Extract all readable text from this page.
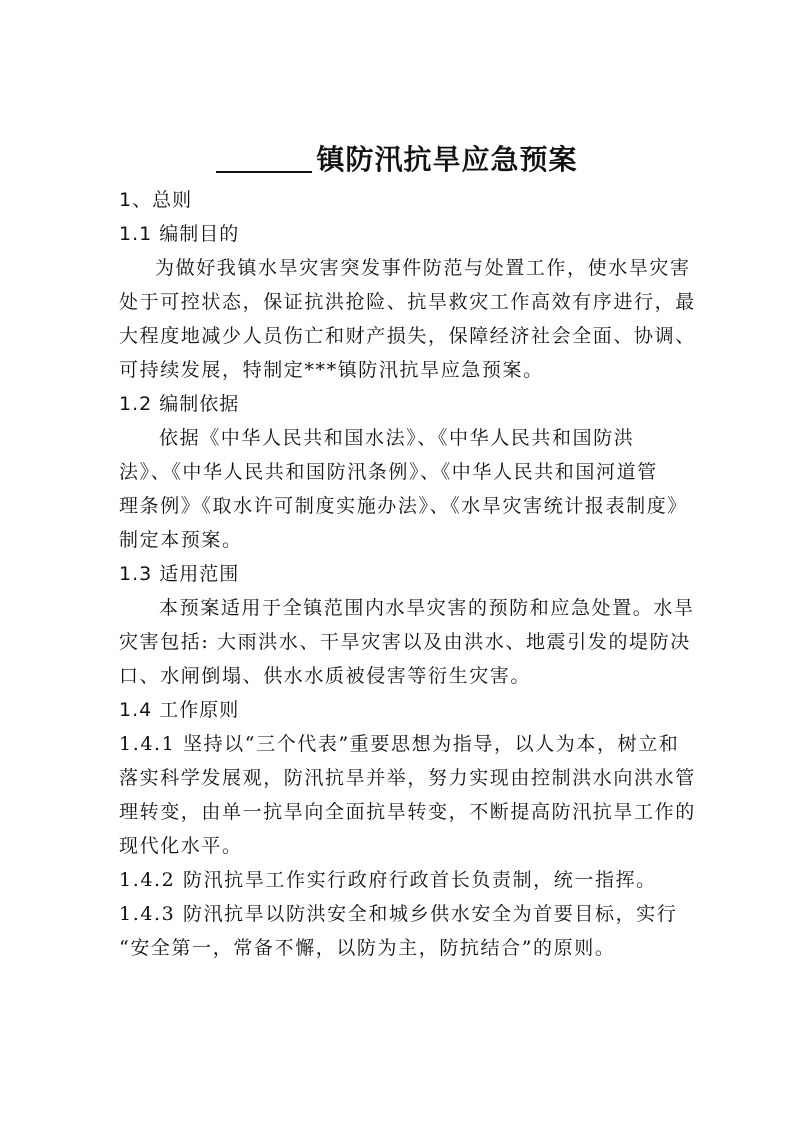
镇防汛抗旱应急预案
1、总则
1.1 编制目的
为做好我镇水旱灾害突发事件防范与处置工作，使水旱灾害
处于可控状态，保证抗洪抢险、抗旱救灾工作高效有序进行，最
大程度地减少人员伤亡和财产损失，保障经济社会全面、协调、
可持续发展，特制定***镇防汛抗旱应急预案。
1.2 编制依据
依据《中华人民共和国水法》、《中华人民共和国防洪
法》、《中华人民共和国防汛条例》、《中华人民共和国河道管
理条例》《取水许可制度实施办法》、《水旱灾害统计报表制度》
制定本预案。
1.3 适用范围
本预案适用于全镇范围内水旱灾害的预防和应急处置。水旱
灾害包括: 大雨洪水、干旱灾害以及由洪水、地震引发的堤防决
口、水闸倒塌、供水水质被侵害等衍生灾害。
1.4 工作原则
1.4.1 坚持以“三个代表”重要思想为指导，以人为本，树立和
落实科学发展观，防汛抗旱并举，努力实现由控制洪水向洪水管
理转变，由单一抗旱向全面抗旱转变，不断提高防汛抗旱工作的
现代化水平。
1.4.2 防汛抗旱工作实行政府行政首长负责制，统一指挥。
1.4.3 防汛抗旱以防洪安全和城乡供水安全为首要目标，实行
“安全第一，常备不懈，以防为主，防抗结合”的原则。
